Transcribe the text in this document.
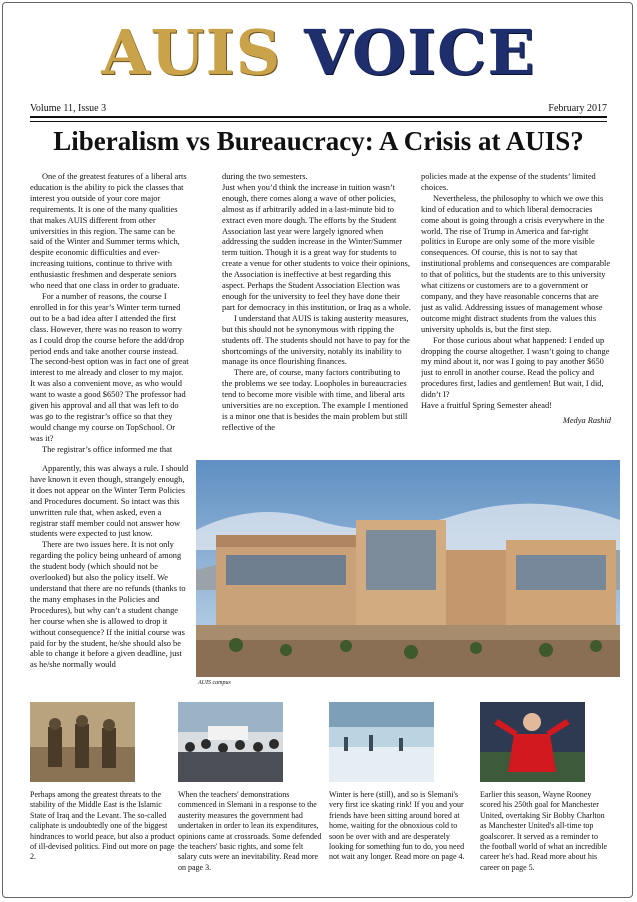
AUIS VOICE
Volume 11, Issue 3	February 2017
Liberalism vs Bureaucracy: A Crisis at AUIS?

One of the greatest features of a liberal arts education is the ability to pick the classes that interest you outside of your core major requirements. It is one of the many qualities that makes AUIS different from other universities in this region. The same can be said of the Winter and Summer terms which, despite economic difficulties and ever-increasing tuitions, continue to thrive with enthusiastic freshmen and desperate seniors who need that one class in order to graduate.

For a number of reasons, the course I enrolled in for this year’s Winter term turned out to be a bad idea after I attended the first class. However, there was no reason to worry as I could drop the course before the add/drop period ends and take another course instead. The second-best option was in fact one of great interest to me already and closer to my major. It was also a convenient move, as who would want to waste a good $650? The professor had given his approval and all that was left to do was go to the registrar’s office so that they would change my course on TopSchool. Or was it?

The registrar’s office informed me that

Apparently, this was always a rule. I should have known it even though, strangely enough, it does not appear on the Winter Term Policies and Procedures document. So intact was this unwritten rule that, when asked, even a registrar staff member could not answer how students were expected to just know.

There are two issues here. It is not only regarding the policy being unheard of among the student body (which should not be overlooked) but also the policy itself. We understand that there are no refunds (thanks to the many emphases in the Policies and Procedures), but why can’t a student change her course when she is allowed to drop it without consequence? If the initial course was paid for by the student, he/she should also be able to change it before a given deadline, just as he/she normally would

during the two semesters.

Just when you’d think the increase in tuition wasn’t enough, there comes along a wave of other policies, almost as if arbitrarily added in a last-minute bid to extract even more dough. The efforts by the Student Association last year were largely ignored when addressing the sudden increase in the Winter/Summer term tuition. Though it is a great way for students to create a venue for other students to voice their opinions, the Association is ineffective at best regarding this aspect. Perhaps the Student Association Election was enough for the university to feel they have done their part for democracy in this institution, or Iraq as a whole.

I understand that AUIS is taking austerity measures, but this should not be synonymous with ripping the students off. The students should not have to pay for the shortcomings of the university, notably its inability to manage its once flourishing finances.

There are, of course, many factors contributing to the problems we see today. Loopholes in bureaucracies tend to become more visible with time, and liberal arts universities are no exception. The example I mentioned is a minor one that is besides the main problem but still reflective of the

policies made at the expense of the students’ limited choices.

Nevertheless, the philosophy to which we owe this kind of education and to which liberal democracies come about is going through a crisis everywhere in the world. The rise of Trump in America and far-right politics in Europe are only some of the more visible consequences. Of course, this is not to say that institutional problems and consequences are comparable to that of politics, but the students are to this university what citizens or customers are to a government or company, and they have reasonable concerns that are just as valid. Addressing issues of management whose outcome might distract students from the values this university upholds is, but the first step.

For those curious about what happened: I ended up dropping the course altogether. I wasn’t going to change my mind about it, nor was I going to pay another $650 just to enroll in another course. Read the policy and procedures first, ladies and gentlemen! But wait, I did, didn’t I?

Have a fruitful Spring Semester ahead!

Medya Rashid

AUIS campus
Perhaps among the greatest threats to the stability of the Middle East is the Islamic State of Iraq and the Levant. The so-called caliphate is undoubtedly one of the biggest hindrances to world peace, but also a product of ill-devised politics. Find out more on page 2.
When the teachers' demonstrations commenced in Slemani in a response to the austerity measures the government had undertaken in order to lean its expenditures, opinions came at crossroads. Some defended the teachers' basic rights, and some felt salary cuts were an inevitability. Read more on page 3.
Winter is here (still), and so is Slemani's very first ice skating rink! If you and your friends have been sitting around bored at home, waiting for the obnoxious cold to soon be over with and are desperately looking for something fun to do, you need not wait any longer. Read more on page 4.
Earlier this season, Wayne Rooney scored his 250th goal for Manchester United, overtaking Sir Bobby Charlton as Manchester United's all-time top goalscorer. It served as a reminder to the football world of what an incredible career he's had. Read more about his career on page 5.
